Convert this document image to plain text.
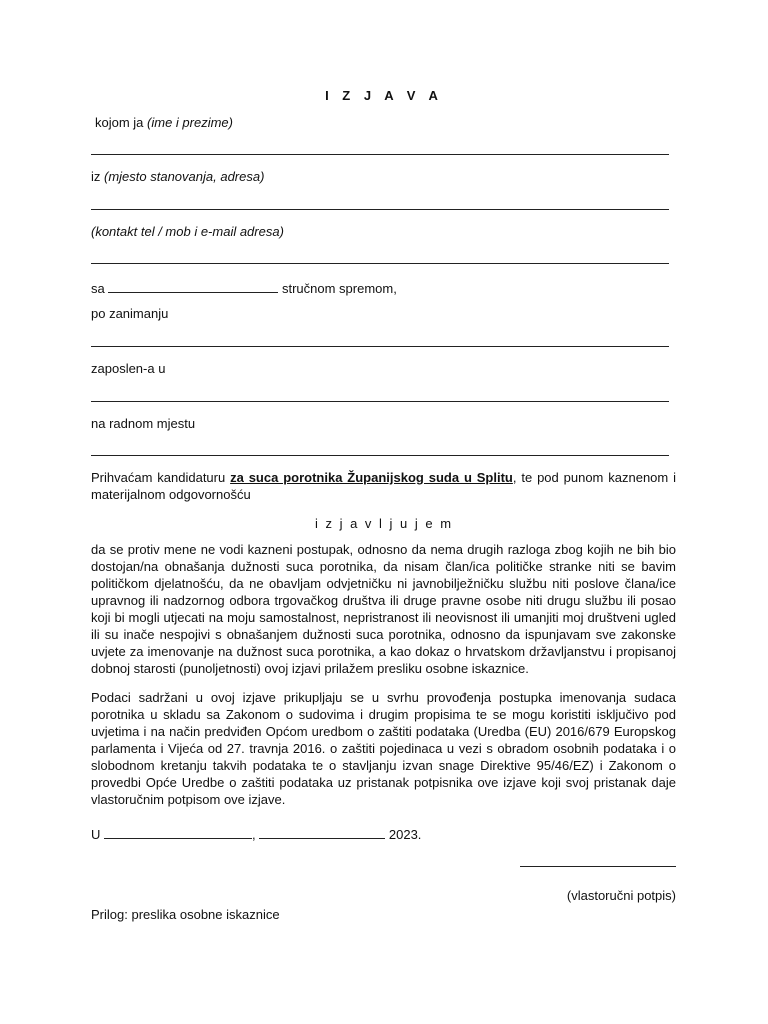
I Z J A V A
kojom ja (ime i prezime)
iz (mjesto stanovanja, adresa)
(kontakt tel / mob i e-mail adresa)
sa	stručnom spremom,
po zanimanju
zaposlen-a u
na radnom mjestu

Prihvaćam kandidaturu za suca porotnika Županijskog suda u Splitu, te pod punom kaznenom i materijalnom odgovornošću

i z j a v l j u j e m

da se protiv mene ne vodi kazneni postupak, odnosno da nema drugih razloga zbog kojih ne bih bio dostojan/na obnašanja dužnosti suca porotnika, da nisam član/ica političke stranke niti se bavim političkom djelatnošću, da ne obavljam odvjetničku ni javnobilježničku službu niti poslove člana/ice upravnog ili nadzornog odbora trgovačkog društva ili druge pravne osobe niti drugu službu ili posao koji bi mogli utjecati na moju samostalnost, nepristranost ili neovisnost ili umanjiti moj društveni ugled ili su inače nespojivi s obnašanjem dužnosti suca porotnika, odnosno da ispunjavam sve zakonske uvjete za imenovanje na dužnost suca porotnika, a kao dokaz o hrvatskom državljanstvu i propisanoj dobnoj starosti (punoljetnosti) ovoj izjavi prilažem presliku osobne iskaznice.

Podaci sadržani u ovoj izjave prikupljaju se u svrhu provođenja postupka imenovanja sudaca porotnika u skladu sa Zakonom o sudovima i drugim propisima te se mogu koristiti isključivo pod uvjetima i na način predviđen Općom uredbom o zaštiti podataka (Uredba (EU) 2016/679 Europskog parlamenta i Vijeća od 27. travnja 2016. o zaštiti pojedinaca u vezi s obradom osobnih podataka i o slobodnom kretanju takvih podataka te o stavljanju izvan snage Direktive 95/46/EZ) i Zakonom o provedbi Opće Uredbe o zaštiti podataka uz pristanak potpisnika ove izjave koji svoj pristanak daje vlastoručnim potpisom ove izjave.

U	,	2023.
(vlastoručni potpis)
Prilog: preslika osobne iskaznice
